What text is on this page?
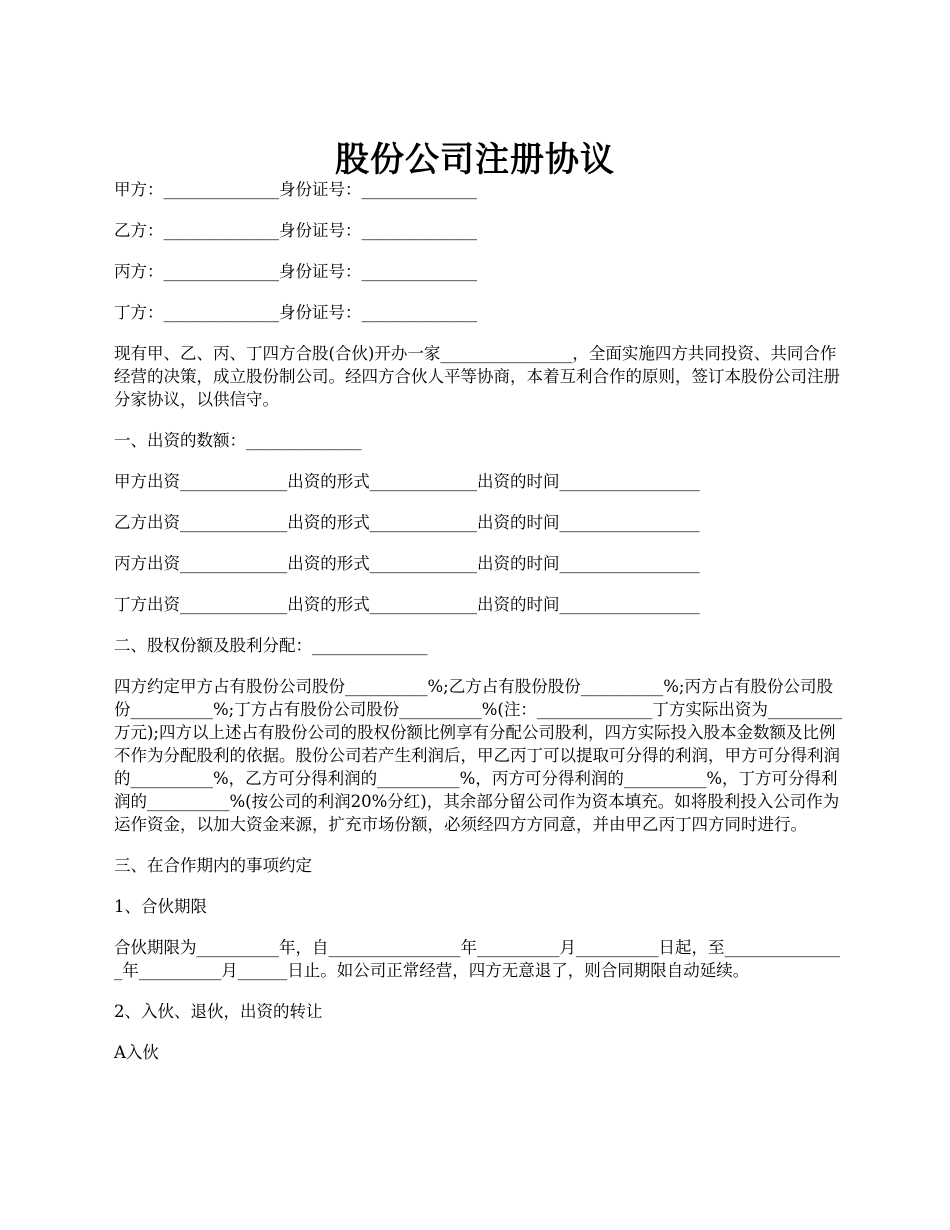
股份公司注册协议

甲方：______________身份证号：______________

乙方：______________身份证号：______________

丙方：______________身份证号：______________

丁方：______________身份证号：______________

现有甲、乙、丙、丁四方合股(合伙)开办一家________________，全面实施四方共同投资、共同合作经营的决策，成立股份制公司。经四方合伙人平等协商，本着互利合作的原则，签订本股份公司注册分家协议，以供信守。

一、出资的数额：______________

甲方出资_____________出资的形式_____________出资的时间_________________

乙方出资_____________出资的形式_____________出资的时间_________________

丙方出资_____________出资的形式_____________出资的时间_________________

丁方出资_____________出资的形式_____________出资的时间_________________

二、股权份额及股利分配：______________

四方约定甲方占有股份公司股份__________%;乙方占有股份股份__________%;丙方占有股份公司股份__________%;丁方占有股份公司股份__________%(注：______________丁方实际出资为_________万元);四方以上述占有股份公司的股权份额比例享有分配公司股利，四方实际投入股本金数额及比例不作为分配股利的依据。股份公司若产生利润后，甲乙丙丁可以提取可分得的利润，甲方可分得利润的__________%，乙方可分得利润的__________%，丙方可分得利润的__________%，丁方可分得利润的__________%(按公司的利润20%分红)，其余部分留公司作为资本填充。如将股利投入公司作为运作资金，以加大资金来源，扩充市场份额，必须经四方方同意，并由甲乙丙丁四方同时进行。

三、在合作期内的事项约定

1、合伙期限

合伙期限为__________年，自________________年__________月__________日起，至_______________年__________月______日止。如公司正常经营，四方无意退了，则合同期限自动延续。

2、入伙、退伙，出资的转让

A入伙
